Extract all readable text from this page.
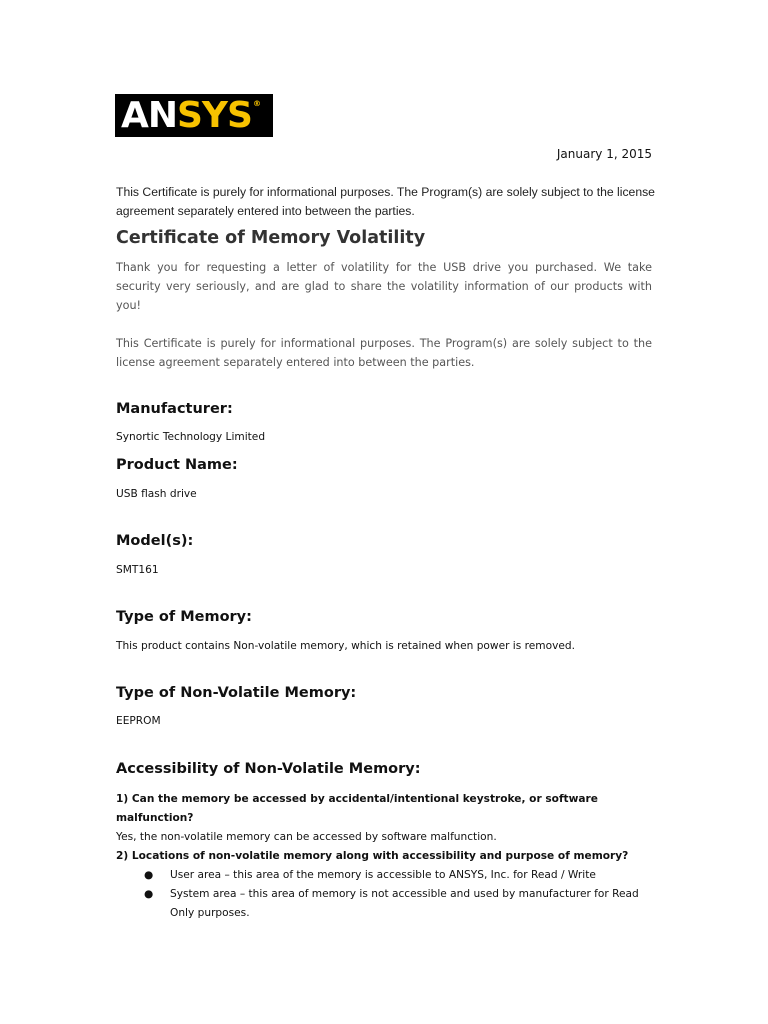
AN SYS ®
January 1, 2015
This Certificate is purely for informational purposes. The Program(s) are solely subject to the license agreement separately entered into between the parties.
Certificate of Memory Volatility
Thank you for requesting a letter of volatility for the USB drive you purchased. We take security very seriously, and are glad to share the volatility information of our products with you!
This Certificate is purely for informational purposes. The Program(s) are solely subject to the license agreement separately entered into between the parties.
Manufacturer:
Synortic Technology Limited
Product Name:
USB flash drive
Model(s):
SMT161
Type of Memory:
This product contains Non-volatile memory, which is retained when power is removed.
Type of Non-Volatile Memory:
EEPROM
Accessibility of Non-Volatile Memory:
1) Can the memory be accessed by accidental/intentional keystroke, or software malfunction?
Yes, the non-volatile memory can be accessed by software malfunction.
2) Locations of non-volatile memory along with accessibility and purpose of memory?
● User area – this area of the memory is accessible to ANSYS, Inc. for Read / Write
● System area – this area of memory is not accessible and used by manufacturer for Read Only purposes.
